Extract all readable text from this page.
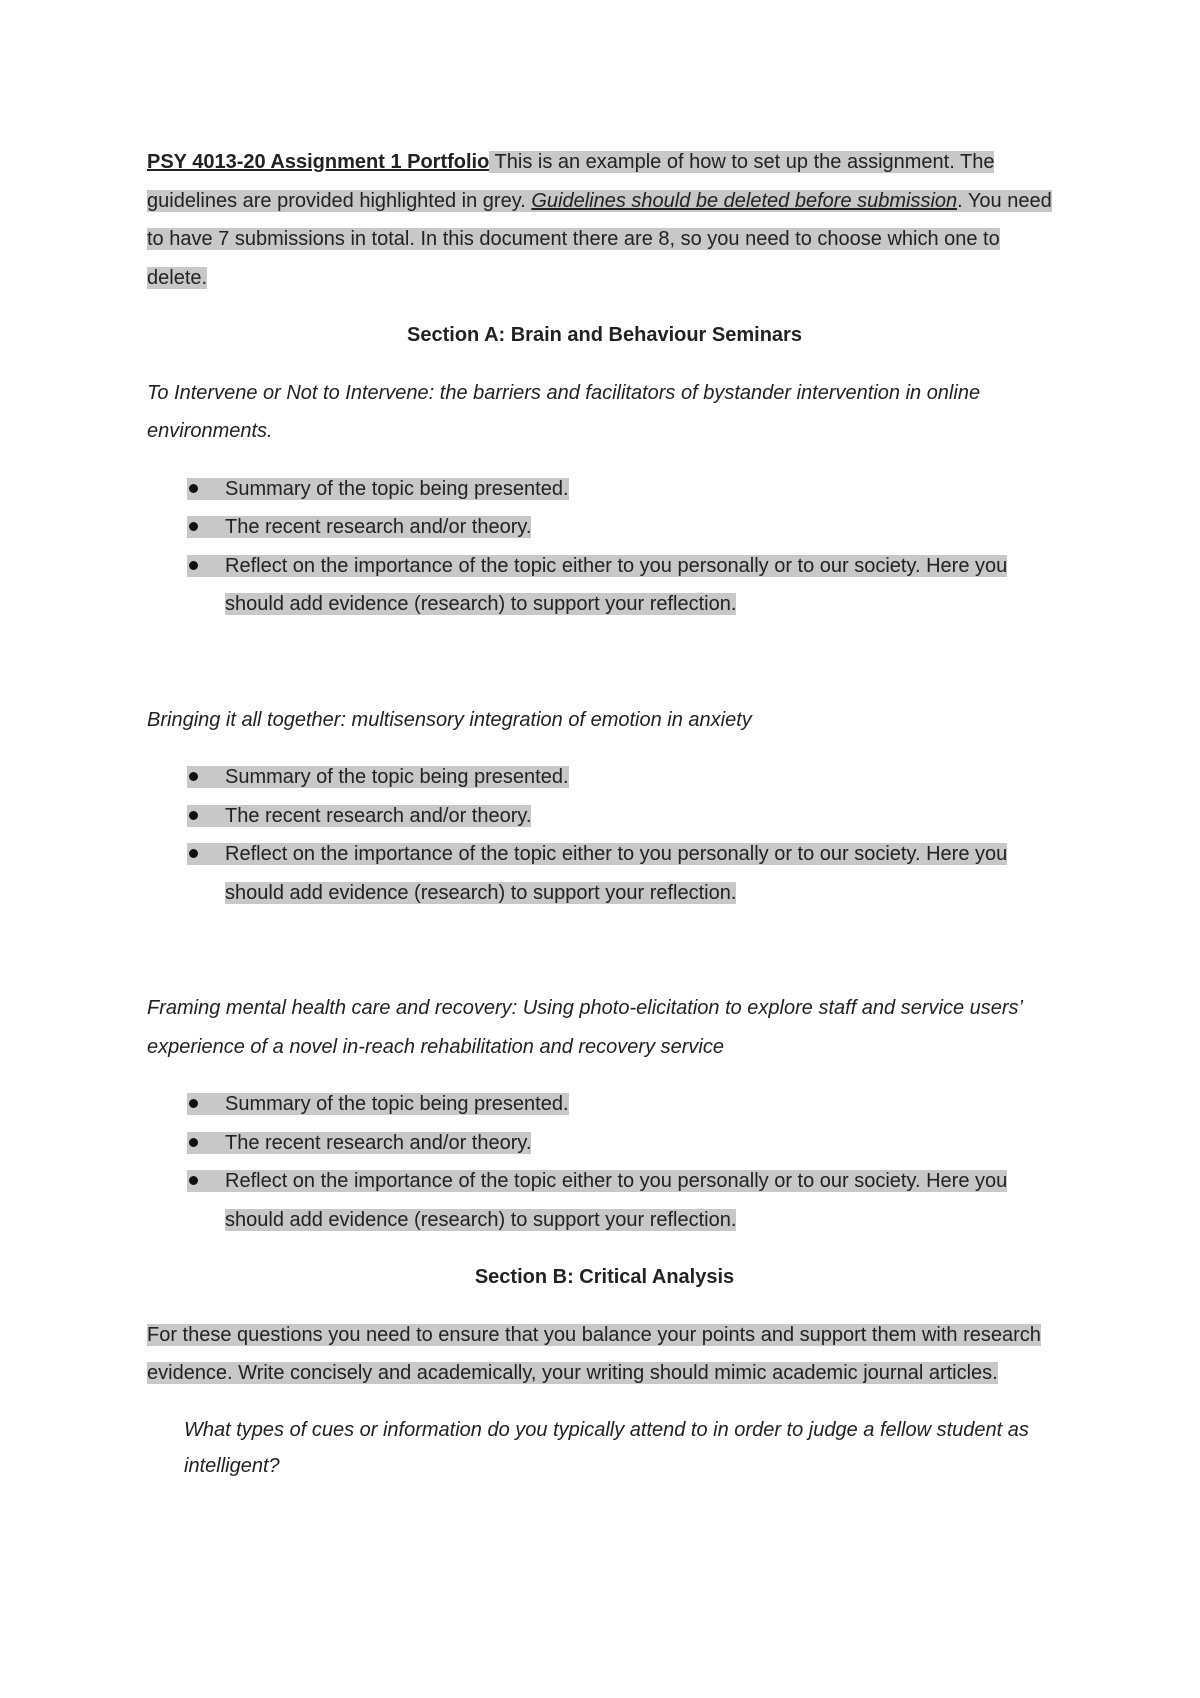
PSY 4013-20 Assignment 1 Portfolio This is an example of how to set up the assignment. The guidelines are provided highlighted in grey. Guidelines should be deleted before submission. You need to have 7 submissions in total. In this document there are 8, so you need to choose which one to delete.

Section A: Brain and Behaviour Seminars

To Intervene or Not to Intervene: the barriers and facilitators of bystander intervention in online environments.

Summary of the topic being presented.
The recent research and/or theory.
Reflect on the importance of the topic either to you personally or to our society. Here you should add evidence (research) to support your reflection.

Bringing it all together: multisensory integration of emotion in anxiety

Summary of the topic being presented.
The recent research and/or theory.
Reflect on the importance of the topic either to you personally or to our society. Here you should add evidence (research) to support your reflection.

Framing mental health care and recovery: Using photo-elicitation to explore staff and service users’ experience of a novel in-reach rehabilitation and recovery service

Summary of the topic being presented.
The recent research and/or theory.
Reflect on the importance of the topic either to you personally or to our society. Here you should add evidence (research) to support your reflection.

Section B: Critical Analysis

For these questions you need to ensure that you balance your points and support them with research evidence. Write concisely and academically, your writing should mimic academic journal articles.

What types of cues or information do you typically attend to in order to judge a fellow student as intelligent?
